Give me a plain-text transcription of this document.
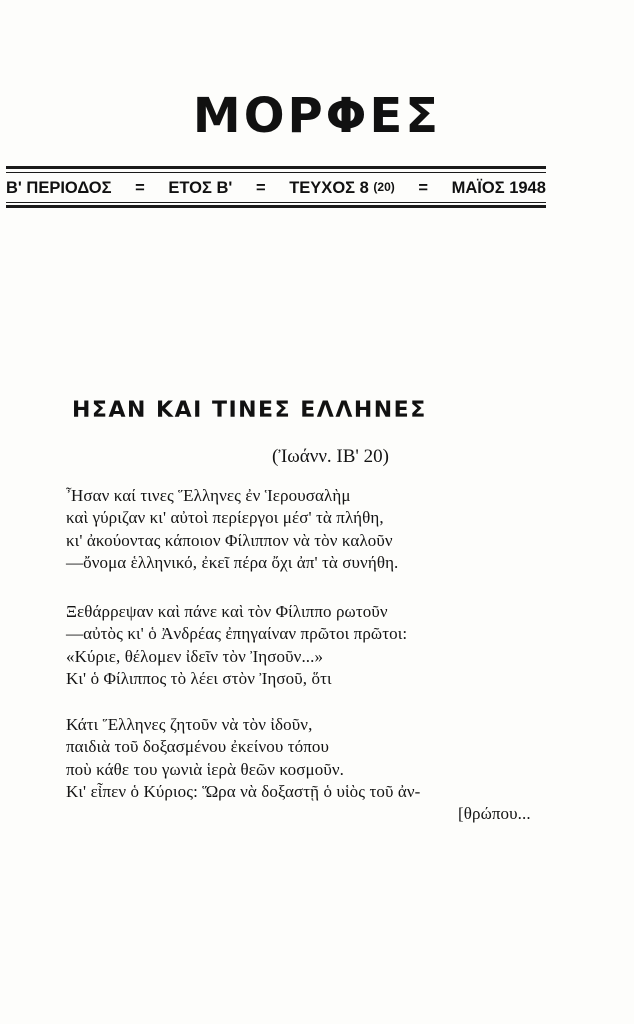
ΜΟΡΦΕΣ
Β' ΠΕΡΙΟΔΟΣ = ΕΤΟΣ Β' = ΤΕΥΧΟΣ 8 (20) = ΜΑΪΟΣ 1948
ΗΣΑΝ ΚΑΙ ΤΙΝΕΣ ΕΛΛΗΝΕΣ
(Ἰωάνν. ΙΒ' 20)
Ἦσαν καί τινες Ἕλληνες ἐν Ἱερουσαλὴμ
καὶ γύριζαν κι' αὐτοὶ περίεργοι μέσ' τὰ πλήθη,
κι' ἀκούοντας κάποιον Φίλιππον νὰ τὸν καλοῦν
—ὄνομα ἑλληνικό, ἐκεῖ πέρα ὄχι ἀπ' τὰ συνήθη.
Ξεθάρρεψαν καὶ πάνε καὶ τὸν Φίλιππο ρωτοῦν
—αὐτὸς κι' ὁ Ἀνδρέας ἐπηγαίναν πρῶτοι πρῶτοι:
«Κύριε, θέλομεν ἰδεῖν τὸν Ἰησοῦν...»
Κι' ὁ Φίλιππος τὸ λέει στὸν Ἰησοῦ, ὅτι
Κάτι Ἕλληνες ζητοῦν νὰ τὸν ἰδοῦν,
παιδιὰ τοῦ δοξασμένου ἐκείνου τόπου
ποὺ κάθε του γωνιὰ ἱερὰ θεῶν κοσμοῦν.
Κι' εἶπεν ὁ Κύριος: Ὥρα νὰ δοξαστῇ ὁ υἱὸς τοῦ ἀν-
[θρώπου...
